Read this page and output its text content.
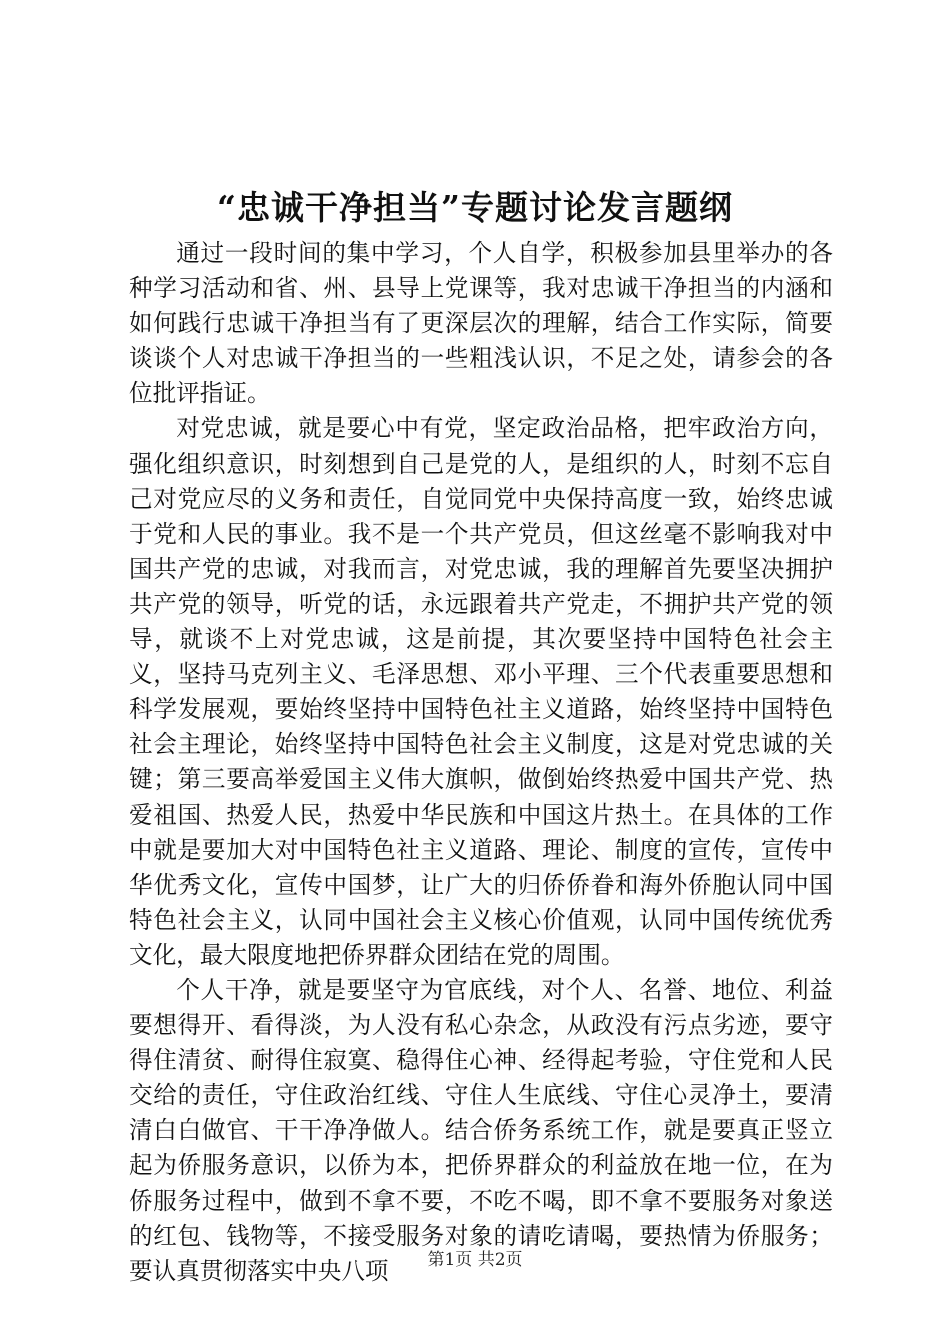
“忠诚干净担当”专题讨论发言题纲

通过一段时间的集中学习，个人自学，积极参加县里举办的各种学习活动和省、州、县导上党课等，我对忠诚干净担当的内涵和如何践行忠诚干净担当有了更深层次的理解，结合工作实际，简要谈谈个人对忠诚干净担当的一些粗浅认识，不足之处，请参会的各位批评指证。

对党忠诚，就是要心中有党，坚定政治品格，把牢政治方向，强化组织意识，时刻想到自己是党的人，是组织的人，时刻不忘自己对党应尽的义务和责任，自觉同党中央保持高度一致，始终忠诚于党和人民的事业。我不是一个共产党员，但这丝毫不影响我对中国共产党的忠诚，对我而言，对党忠诚，我的理解首先要坚决拥护共产党的领导，听党的话，永远跟着共产党走，不拥护共产党的领导，就谈不上对党忠诚，这是前提，其次要坚持中国特色社会主义，坚持马克列主义、毛泽思想、邓小平理、三个代表重要思想和科学发展观，要始终坚持中国特色社主义道路，始终坚持中国特色社会主理论，始终坚持中国特色社会主义制度，这是对党忠诚的关键；第三要高举爱国主义伟大旗帜，做倒始终热爱中国共产党、热爱祖国、热爱人民，热爱中华民族和中国这片热土。在具体的工作中就是要加大对中国特色社主义道路、理论、制度的宣传，宣传中华优秀文化，宣传中国梦，让广大的归侨侨眷和海外侨胞认同中国特色社会主义，认同中国社会主义核心价值观，认同中国传统优秀文化，最大限度地把侨界群众团结在党的周围。

个人干净，就是要坚守为官底线，对个人、名誉、地位、利益要想得开、看得淡，为人没有私心杂念，从政没有污点劣迹，要守得住清贫、耐得住寂寞、稳得住心神、经得起考验，守住党和人民交给的责任，守住政治红线、守住人生底线、守住心灵净土，要清清白白做官、干干净净做人。结合侨务系统工作，就是要真正竖立起为侨服务意识，以侨为本，把侨界群众的利益放在地一位，在为侨服务过程中，做到不拿不要，不吃不喝，即不拿不要服务对象送的红包、钱物等，不接受服务对象的请吃请喝，要热情为侨服务；要认真贯彻落实中央八项	第1页 共2页
